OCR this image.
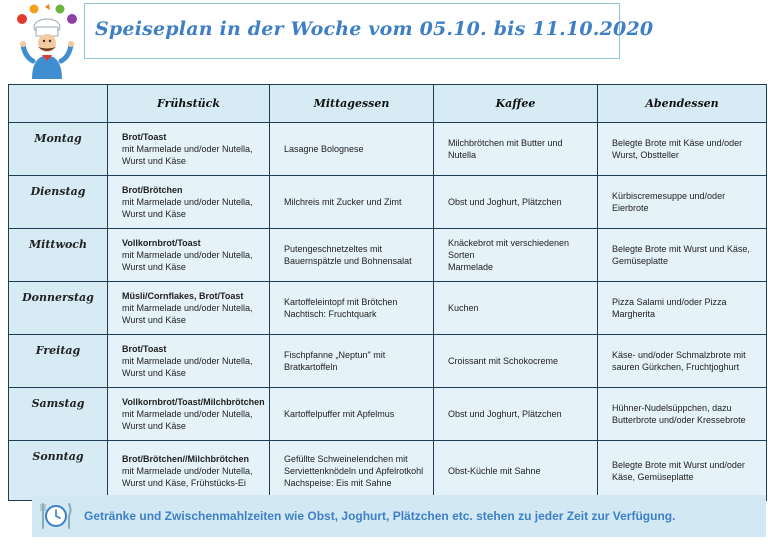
Speiseplan in der Woche vom 05.10. bis 11.10.2020
	Frühstück	Mittagessen	Kaffee	Abendessen
Montag	Brot/Toast
mit Marmelade und/oder Nutella,
Wurst und Käse	Lasagne Bolognese	Milchbrötchen mit Butter und Nutella	Belegte Brote mit Käse und/oder
Wurst, Obstteller

Dienstag	Brot/Brötchen
mit Marmelade und/oder Nutella,
Wurst und Käse	Milchreis mit Zucker und Zimt	Obst und Joghurt, Plätzchen	Kürbiscremesuppe und/oder
Eierbrote

Mittwoch	Vollkornbrot/Toast
mit Marmelade und/oder Nutella,
Wurst und Käse	Putengeschnetzeltes mit
Bauernspätzle und Bohnensalat	Knäckebrot mit verschiedenen Sorten
Marmelade	Belegte Brote mit Wurst und Käse,
Gemüseplatte

Donnerstag	Müsli/Cornflakes, Brot/Toast
mit Marmelade und/oder Nutella,
Wurst und Käse	Kartoffeleintopf mit Brötchen
Nachtisch: Fruchtquark	Kuchen	Pizza Salami und/oder Pizza
Margherita

Freitag	Brot/Toast
mit Marmelade und/oder Nutella,
Wurst und Käse	Fischpfanne „Neptun" mit
Bratkartoffeln	Croissant mit Schokocreme	Käse- und/oder Schmalzbrote mit
sauren Gürkchen, Fruchtjoghurt

Samstag	Vollkornbrot/Toast/Milchbrötchen
mit Marmelade und/oder Nutella,
Wurst und Käse	Kartoffelpuffer mit Apfelmus	Obst und Joghurt, Plätzchen	Hühner-Nudelsüppchen, dazu
Butterbrote und/oder Kressebrote

Sonntag	Brot/Brötchen//Milchbrötchen
mit Marmelade und/oder Nutella,
Wurst und Käse, Frühstücks-Ei	Gefüllte Schweinelendchen mit
Serviettenknödeln und Apfelrotkohl
Nachspeise: Eis mit Sahne	Obst-Küchle mit Sahne	Belegte Brote mit Wurst und/oder
Käse, Gemüseplatte
Getränke und Zwischenmahlzeiten wie Obst, Joghurt, Plätzchen etc. stehen zu jeder Zeit zur Verfügung.
